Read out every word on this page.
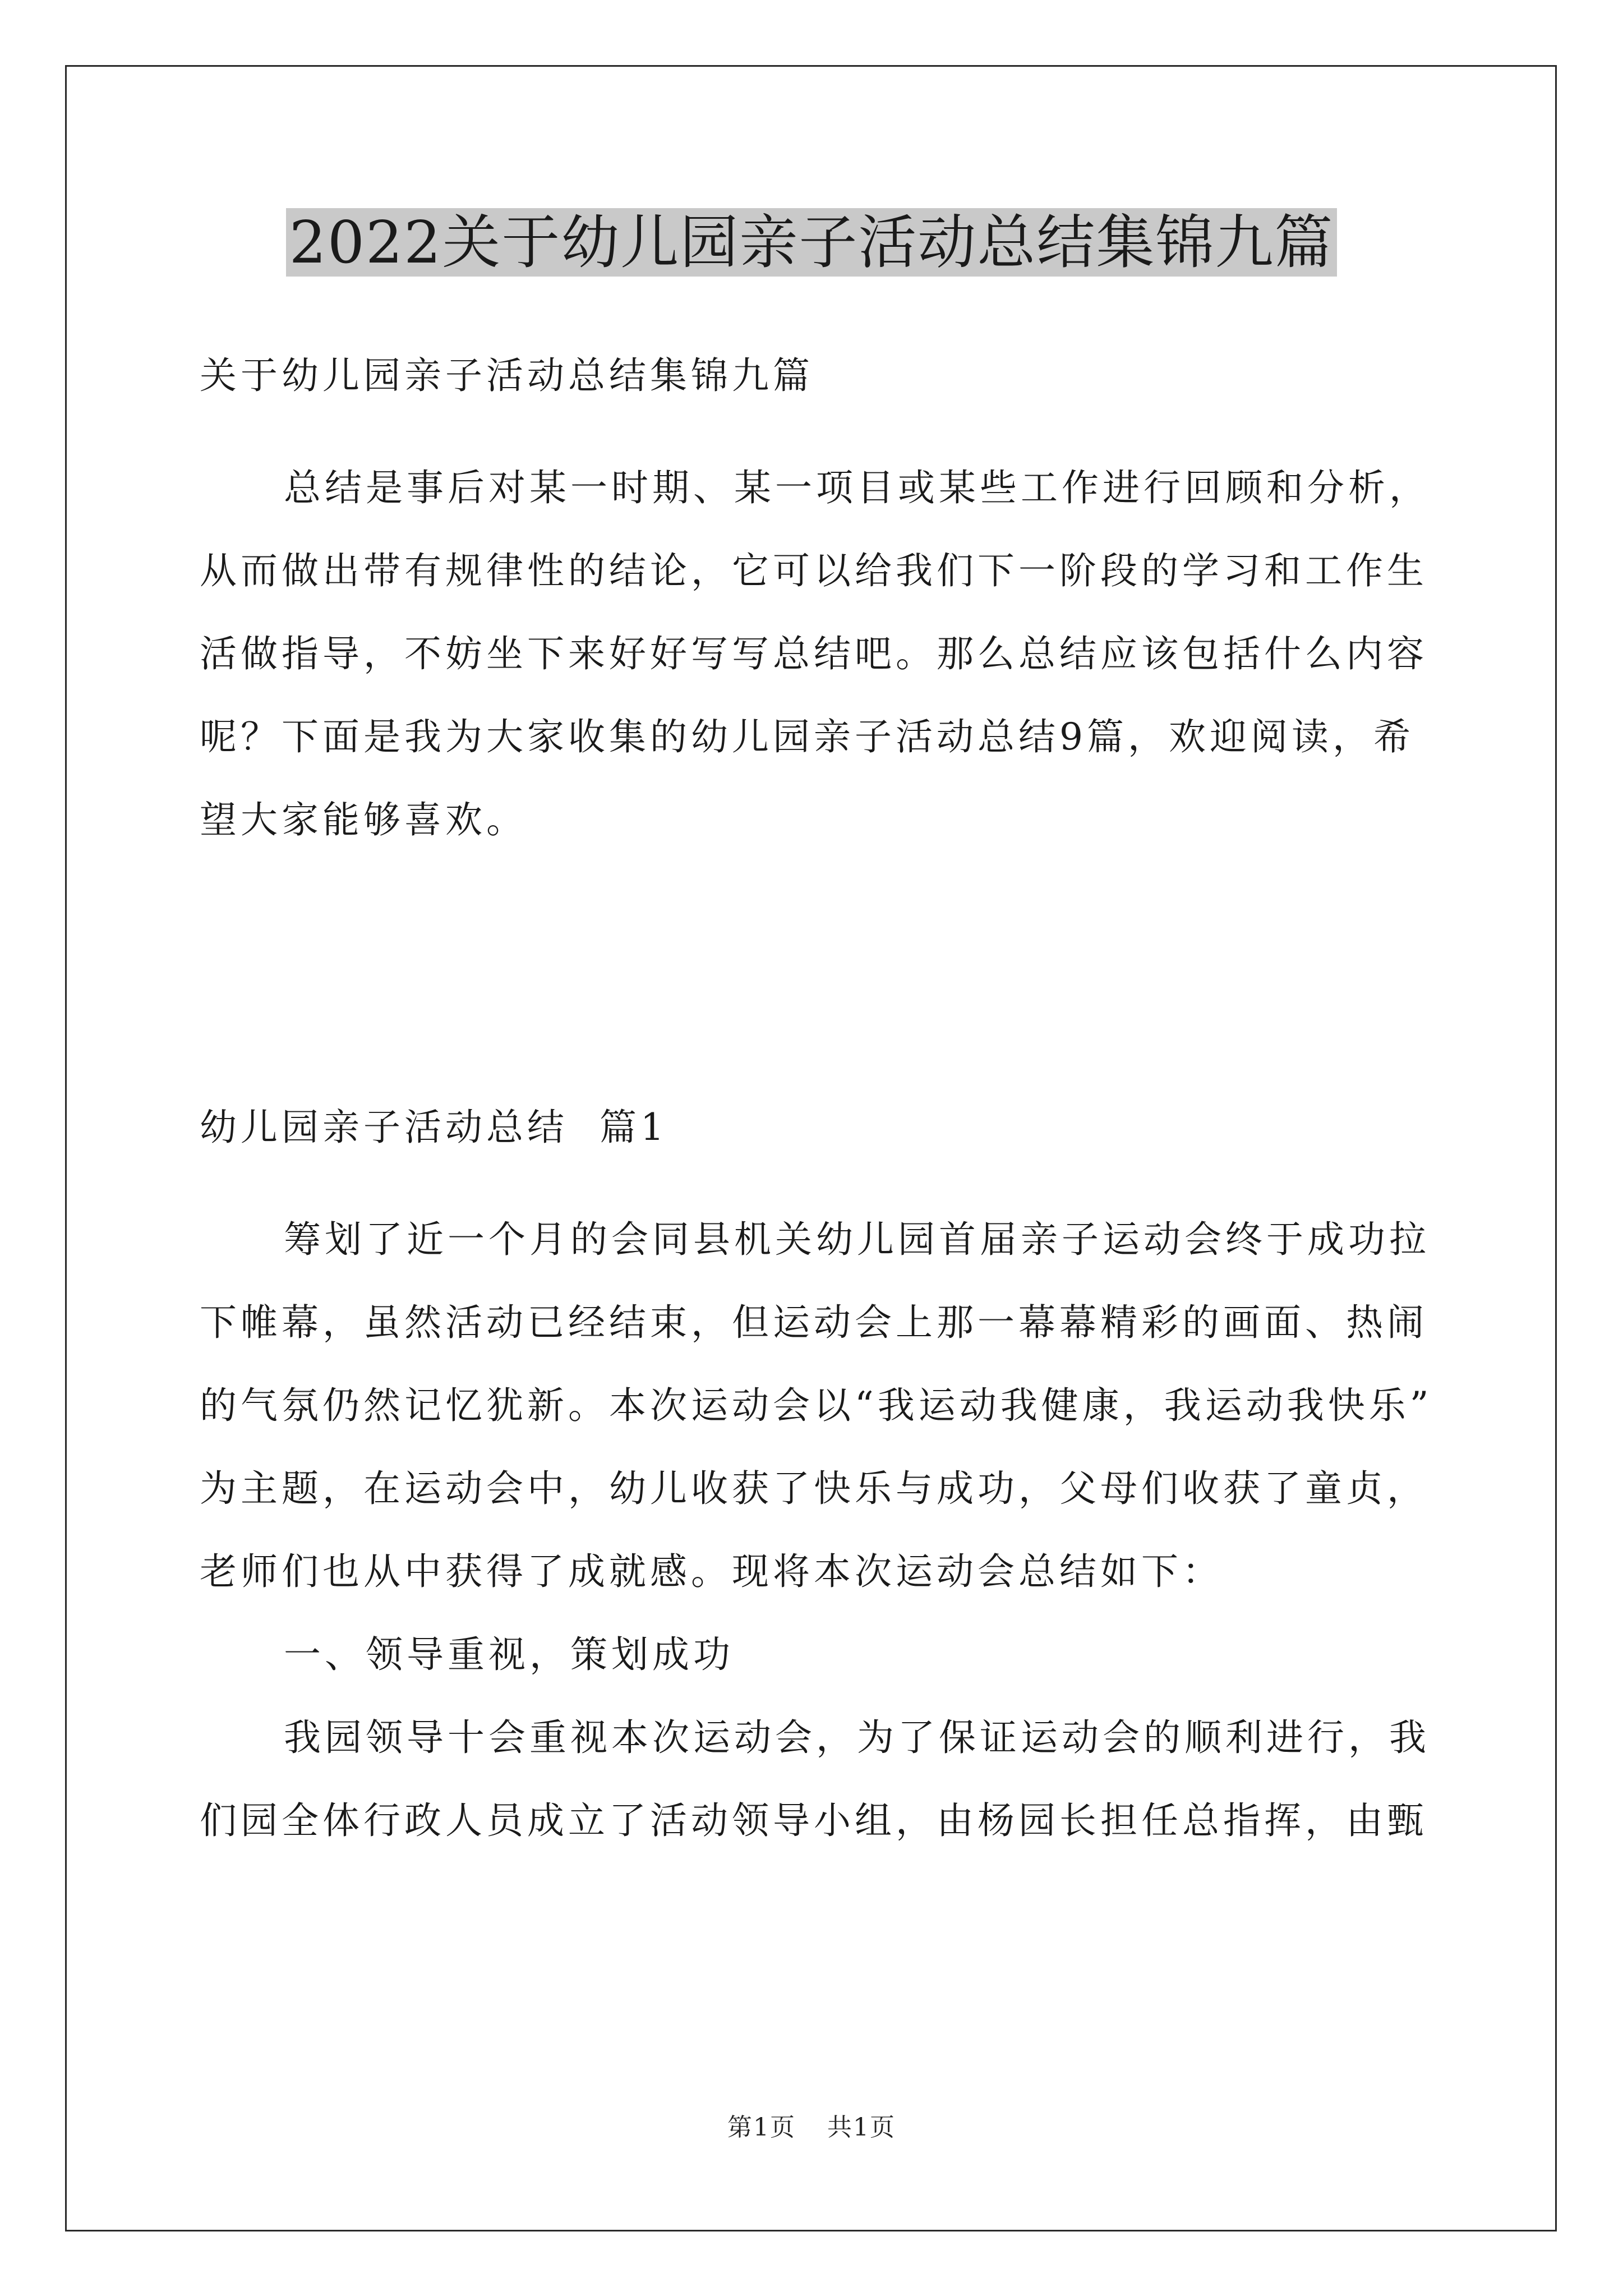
2022关于幼儿园亲子活动总结集锦九篇
关于幼儿园亲子活动总结集锦九篇
总结是事后对某一时期、某一项目或某些工作进行回顾和分析，
从而做出带有规律性的结论，它可以给我们下一阶段的学习和工作生
活做指导，不妨坐下来好好写写总结吧。那么总结应该包括什么内容
呢？下面是我为大家收集的幼儿园亲子活动总结9篇，欢迎阅读，希
望大家能够喜欢。
幼儿园亲子活动总结  篇1
筹划了近一个月的会同县机关幼儿园首届亲子运动会终于成功拉
下帷幕，虽然活动已经结束，但运动会上那一幕幕精彩的画面、热闹
的气氛仍然记忆犹新。本次运动会以“我运动我健康，我运动我快乐”
为主题，在运动会中，幼儿收获了快乐与成功，父母们收获了童贞，
老师们也从中获得了成就感。现将本次运动会总结如下：
一、领导重视，策划成功
我园领导十会重视本次运动会，为了保证运动会的顺利进行，我
们园全体行政人员成立了活动领导小组，由杨园长担任总指挥，由甄
第1页 共1页
